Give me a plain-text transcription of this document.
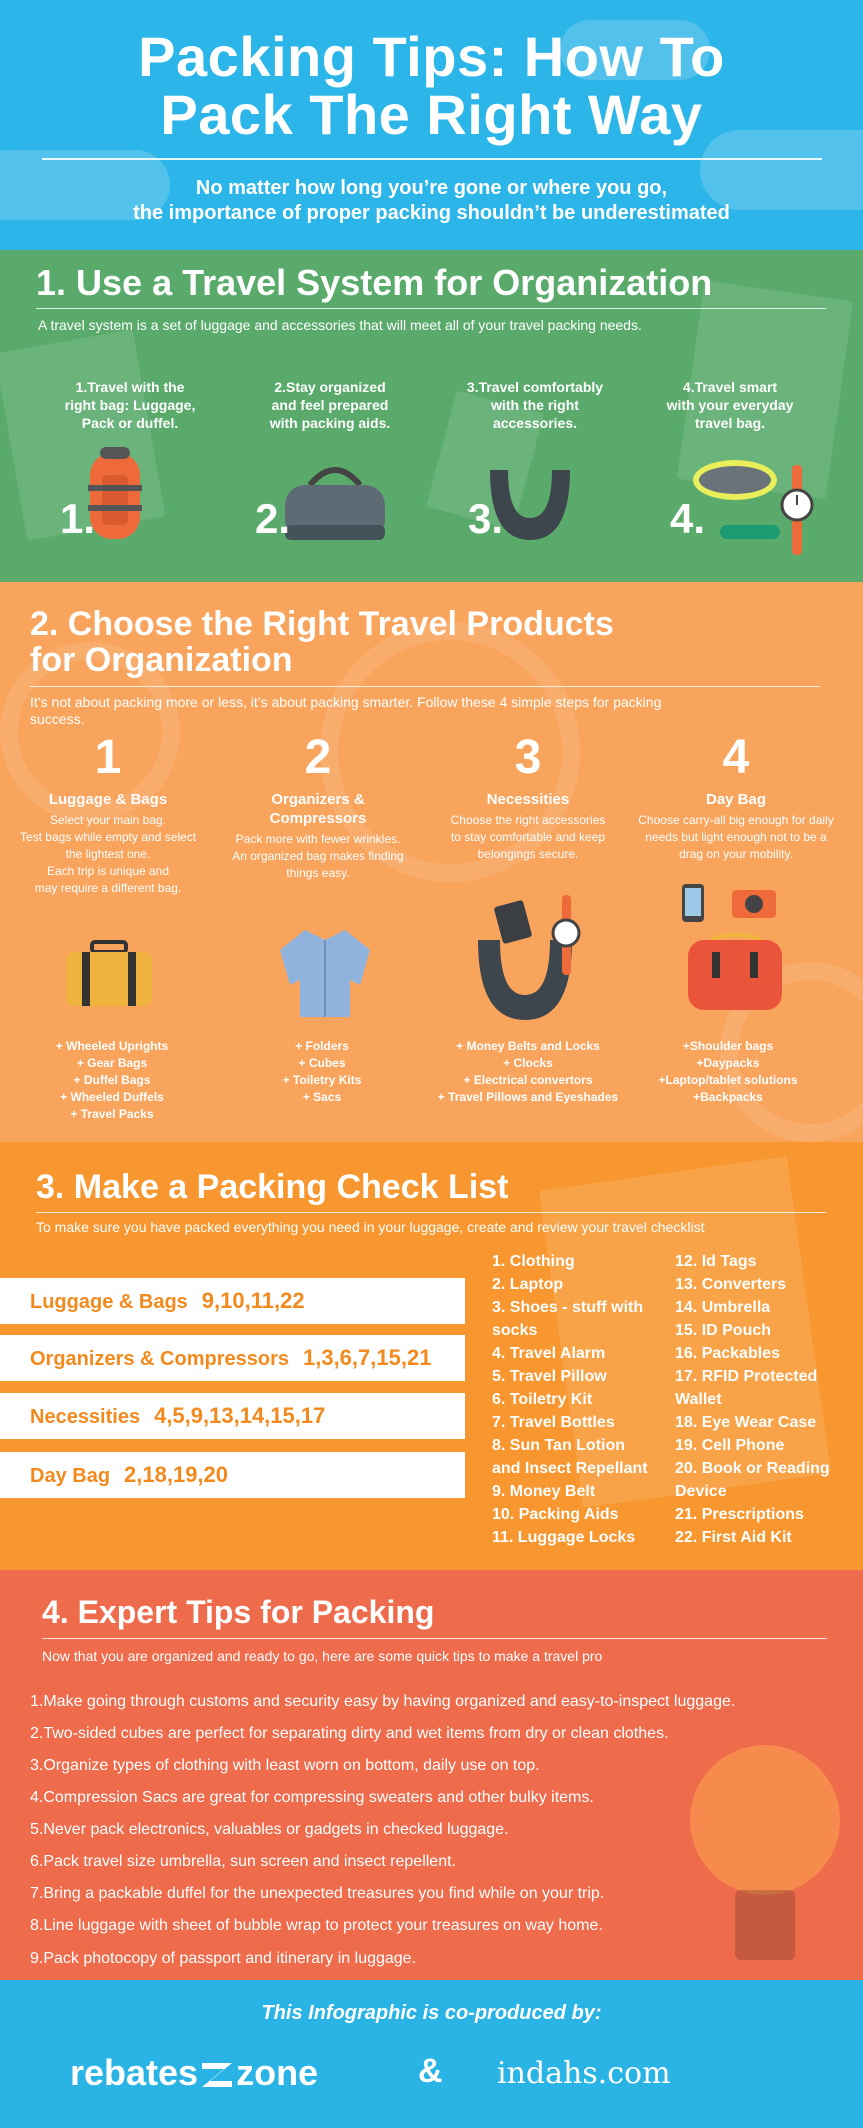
Packing Tips: How To
Pack The Right Way
No matter how long you’re gone or where you go,
the importance of proper packing shouldn’t be underestimated
1. Use a Travel System for Organization
A travel system is a set of luggage and accessories that will meet all of your travel packing needs.
1.Travel with the
right bag: Luggage,
Pack or duffel.
2.Stay organized
and feel prepared
with packing aids.
3.Travel comfortably
with the right
accessories.
4.Travel smart
with your everyday
travel bag.
1.	2.	3.	4.
2. Choose the Right Travel Products
for Organization
It’s not about packing more or less, it’s about packing smarter. Follow these 4 simple steps for packing
success.
1
Luggage & Bags
Select your main bag.
Test bags while empty and select
the lightest one.
Each trip is unique and
may require a different bag.
2
Organizers &
Compressors
Pack more with fewer wrinkles.
An organized bag makes finding
things easy.
3
Necessities
Choose the right accessories
to stay comfortable and keep
belongings secure.
4
Day Bag
Choose carry-all big enough for daily
needs but light enough not to be a
drag on your mobility.
+ Wheeled Uprights
+ Gear Bags
+ Duffel Bags
+ Wheeled Duffels
+ Travel Packs
+ Folders
+ Cubes
+ Toiletry Kits
+ Sacs
+ Money Belts and Locks
+ Clocks
+ Electrical convertors
+ Travel Pillows and Eyeshades
+Shoulder bags
+Daypacks
+Laptop/tablet solutions
+Backpacks
3. Make a Packing Check List
To make sure you have packed everything you need in your luggage, create and review your travel checklist
Luggage & Bags 9,10,11,22
Organizers & Compressors 1,3,6,7,15,21
Necessities 4,5,9,13,14,15,17
Day Bag 2,18,19,20
1. Clothing
2. Laptop
3. Shoes - stuff with
socks
4. Travel Alarm
5. Travel Pillow
6. Toiletry Kit
7. Travel Bottles
8. Sun Tan Lotion
and Insect Repellant
9. Money Belt
10. Packing Aids
11. Luggage Locks
12. Id Tags
13. Converters
14. Umbrella
15. ID Pouch
16. Packables
17. RFID Protected
Wallet
18. Eye Wear Case
19. Cell Phone
20. Book or Reading
Device
21. Prescriptions
22. First Aid Kit
4. Expert Tips for Packing
Now that you are organized and ready to go, here are some quick tips to make a travel pro
1.Make going through customs and security easy by having organized and easy-to-inspect luggage.
2.Two-sided cubes are perfect for separating dirty and wet items from dry or clean clothes.
3.Organize types of clothing with least worn on bottom, daily use on top.
4.Compression Sacs are great for compressing sweaters and other bulky items.
5.Never pack electronics, valuables or gadgets in checked luggage.
6.Pack travel size umbrella, sun screen and insect repellent.
7.Bring a packable duffel for the unexpected treasures you find while on your trip.
8.Line luggage with sheet of bubble wrap to protect your treasures on way home.
9.Pack photocopy of passport and itinerary in luggage.
This Infographic is co-produced by:
rebates zone	& indahs.com
